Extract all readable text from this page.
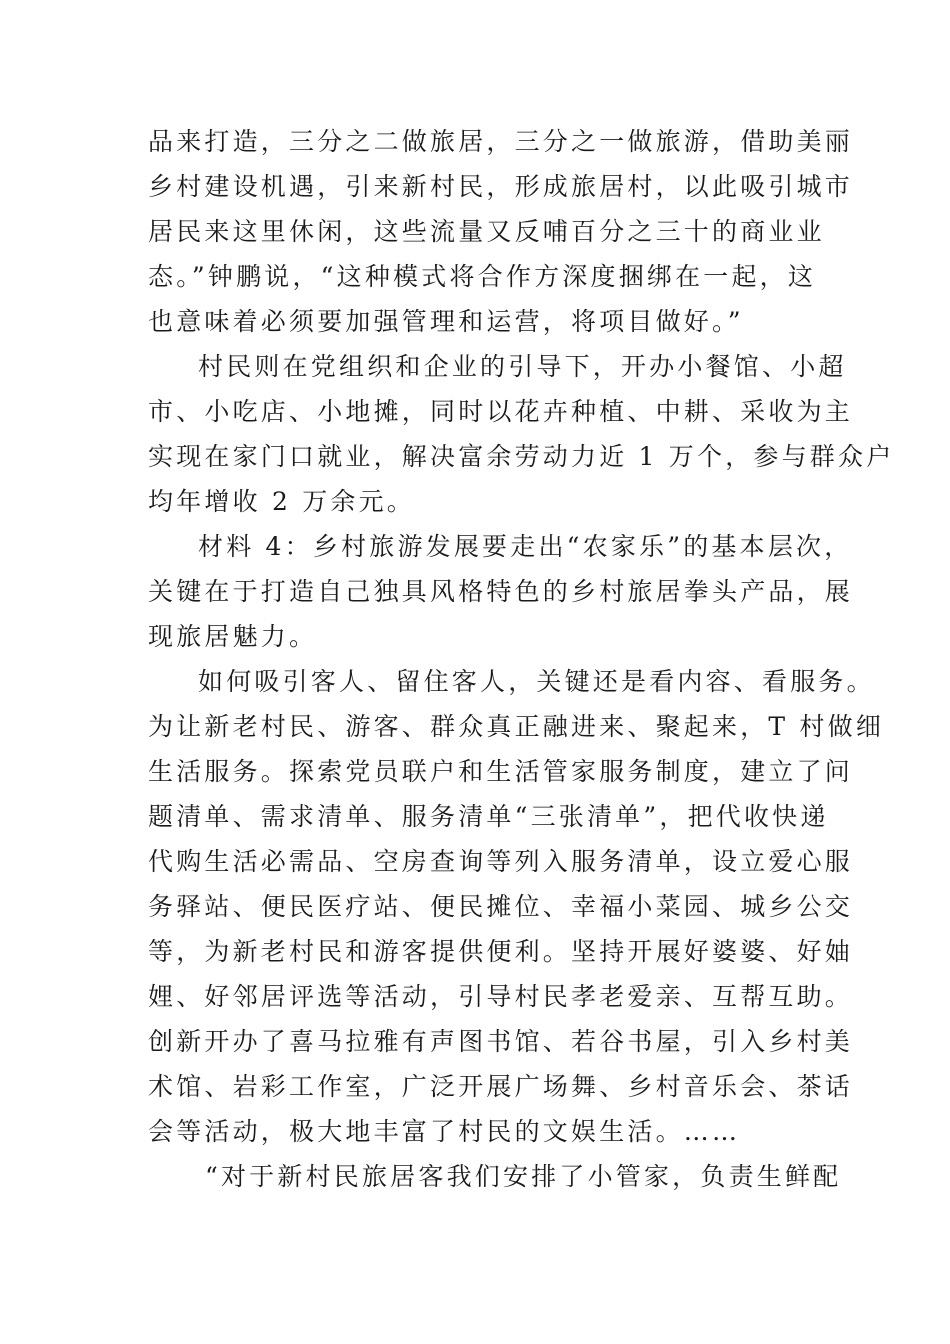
品来打造，三分之二做旅居，三分之一做旅游，借助美丽
乡村建设机遇，引来新村民，形成旅居村，以此吸引城市
居民来这里休闲，这些流量又反哺百分之三十的商业业
态。”钟鹏说，“这种模式将合作方深度捆绑在一起，这
也意味着必须要加强管理和运营，将项目做好。”
村民则在党组织和企业的引导下，开办小餐馆、小超
市、小吃店、小地摊，同时以花卉种植、中耕、采收为主
实现在家门口就业，解决富余劳动力近 1 万个，参与群众户
均年增收 2 万余元。
材料 4：乡村旅游发展要走出“农家乐”的基本层次，
关键在于打造自己独具风格特色的乡村旅居拳头产品，展
现旅居魅力。
如何吸引客人、留住客人，关键还是看内容、看服务。
为让新老村民、游客、群众真正融进来、聚起来，T 村做细
生活服务。探索党员联户和生活管家服务制度，建立了问
题清单、需求清单、服务清单“三张清单”，把代收快递
代购生活必需品、空房查询等列入服务清单，设立爱心服
务驿站、便民医疗站、便民摊位、幸福小菜园、城乡公交
等，为新老村民和游客提供便利。坚持开展好婆婆、好妯
娌、好邻居评选等活动，引导村民孝老爱亲、互帮互助。
创新开办了喜马拉雅有声图书馆、若谷书屋，引入乡村美
术馆、岩彩工作室，广泛开展广场舞、乡村音乐会、茶话
会等活动，极大地丰富了村民的文娱生活。……
“对于新村民旅居客我们安排了小管家，负责生鲜配
